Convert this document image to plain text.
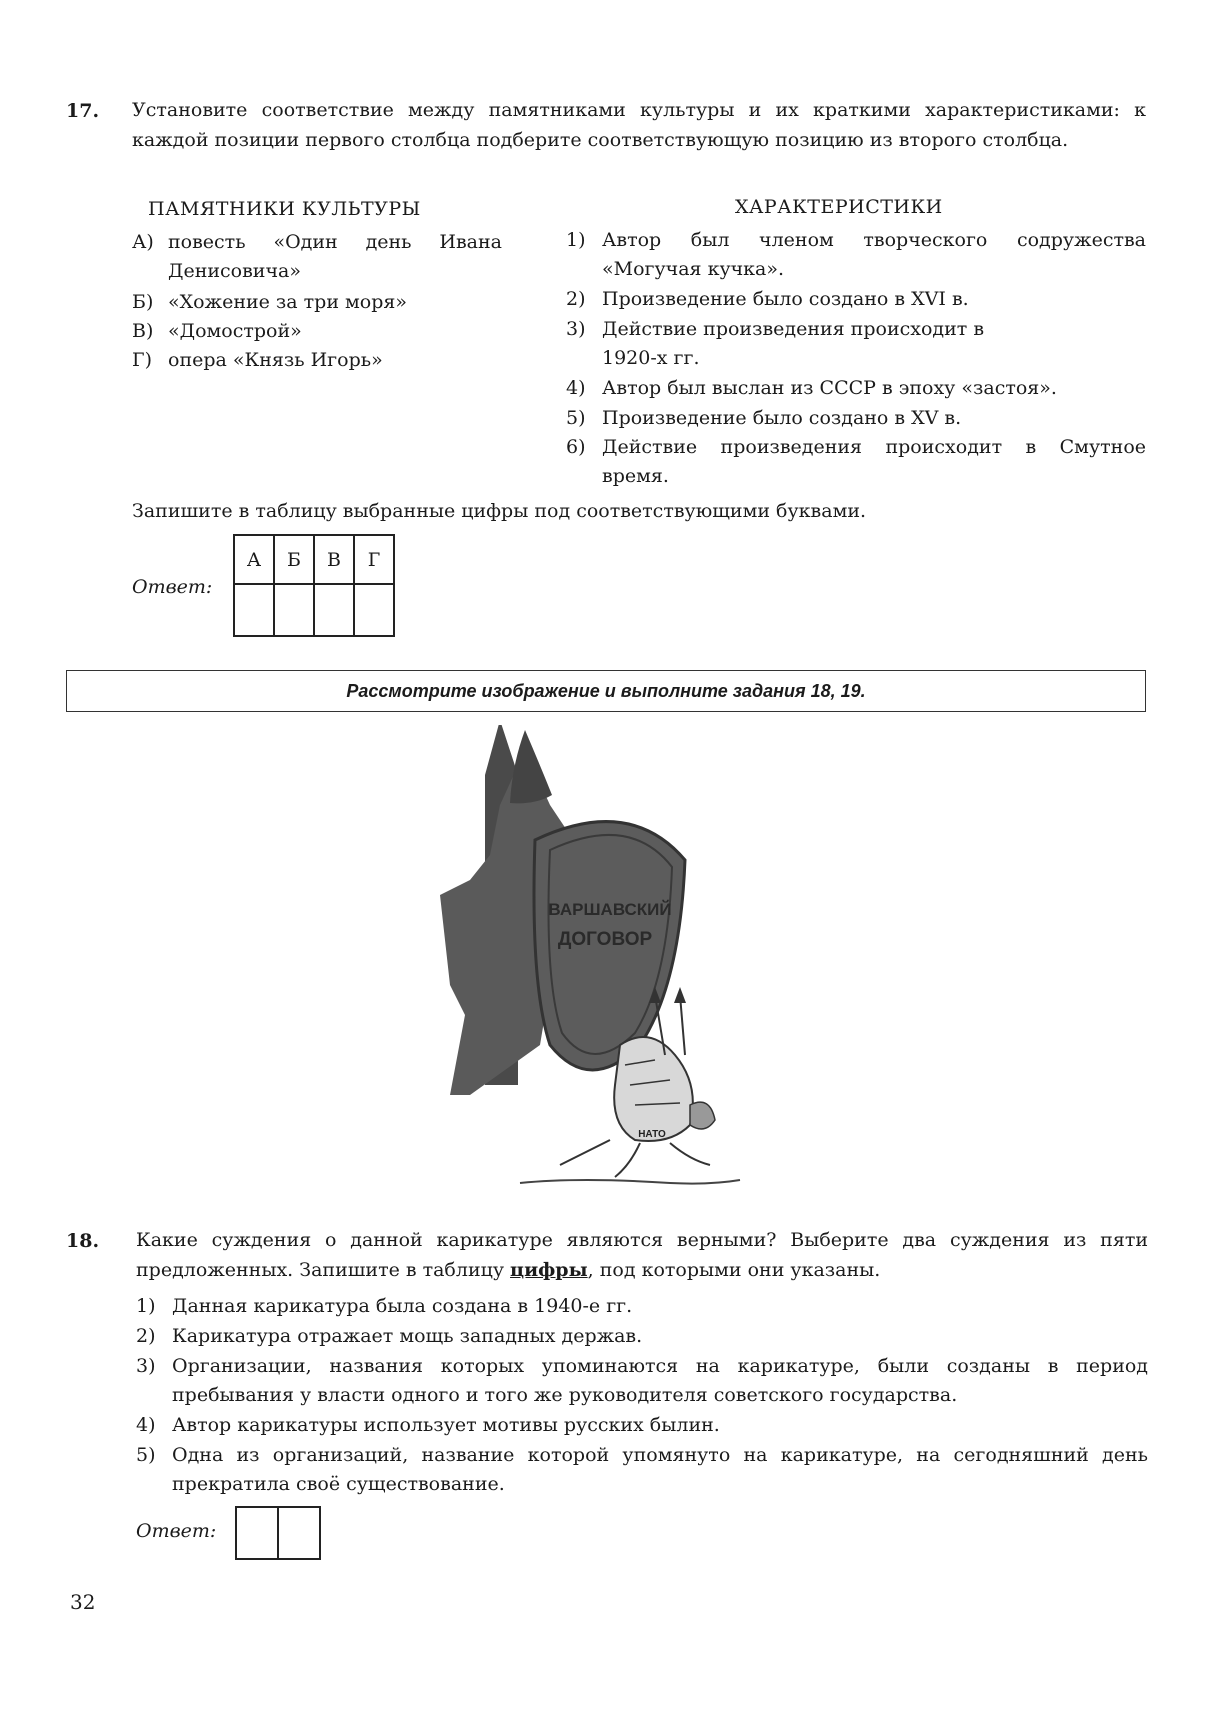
17. Установите соответствие между памятниками культуры и их краткими характеристиками: к каждой позиции первого столбца подберите соответствующую позицию из второго столбца.
ПАМЯТНИКИ КУЛЬТУРЫ	ХАРАКТЕРИСТИКИ
А) повесть «Один день Ивана Денисовича»
Б) «Хожение за три моря»
В) «Домострой»
Г) опера «Князь Игорь»
1) Автор был членом творческого содружества «Могучая кучка».
2) Произведение было создано в XVI в.
3) Действие произведения происходит в 1920-х гг.
4) Автор был выслан из СССР в эпоху «застоя».
5) Произведение было создано в XV в.
6) Действие произведения происходит в Смутное время.
Запишите в таблицу выбранные цифры под соответствующими буквами.
Ответ:
А	Б	В	Г

Рассмотрите изображение и выполните задания 18, 19.
ВАРШАВСКИЙ
ДОГОВОР
НАТО
18. Какие суждения о данной карикатуре являются верными? Выберите два суждения из пяти предложенных. Запишите в таблицу цифры, под которыми они указаны.
1) Данная карикатура была создана в 1940-е гг.
2) Карикатура отражает мощь западных держав.
3) Организации, названия которых упоминаются на карикатуре, были созданы в период пребывания у власти одного и того же руководителя советского государства.
4) Автор карикатуры использует мотивы русских былин.
5) Одна из организаций, название которой упомянуто на карикатуре, на сегодняшний день прекратила своё существование.
Ответ:

32
